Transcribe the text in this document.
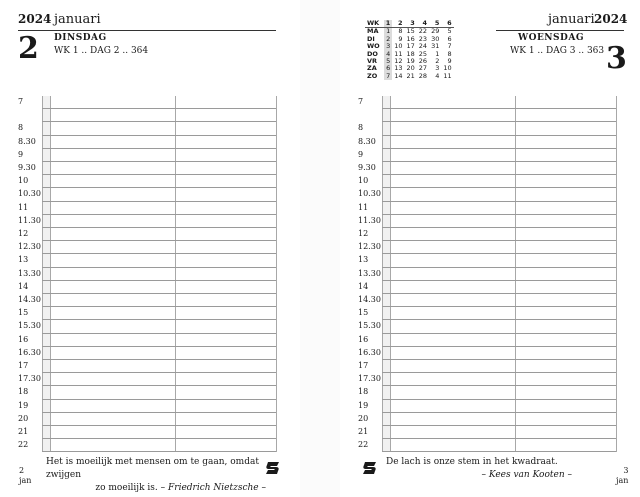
2024 januari
2 DINSDAG
WK 1 .. DAG 2 .. 364
7
8
8.30
9
9.30
10
10.30
11
11.30
12
12.30
13
13.30
14
14.30
15
15.30
16
16.30
17
17.30
18
19
20
21
22
Het is moeilijk met mensen om te gaan, omdat zwijgen
zo moeilijk is. – Friedrich Nietzsche –
2
jan
WK	1	2	3	4	5	6
MA	1	8	15	22	29	5
DI	2	9	16	23	30	6
WO	3	10	17	24	31	7
DO	4	11	18	25	1	8
VR	5	12	19	26	2	9
ZA	6	13	20	27	3	10
ZO	7	14	21	28	4	11
januari 2024
3
WOENSDAG
WK 1 .. DAG 3 .. 363
7
8
8.30
9
9.30
10
10.30
11
11.30
12
12.30
13
13.30
14
14.30
15
15.30
16
16.30
17
17.30
18
19
20
21
22
De lach is onze stem in het kwadraat.
– Kees van Kooten –	3
jan
